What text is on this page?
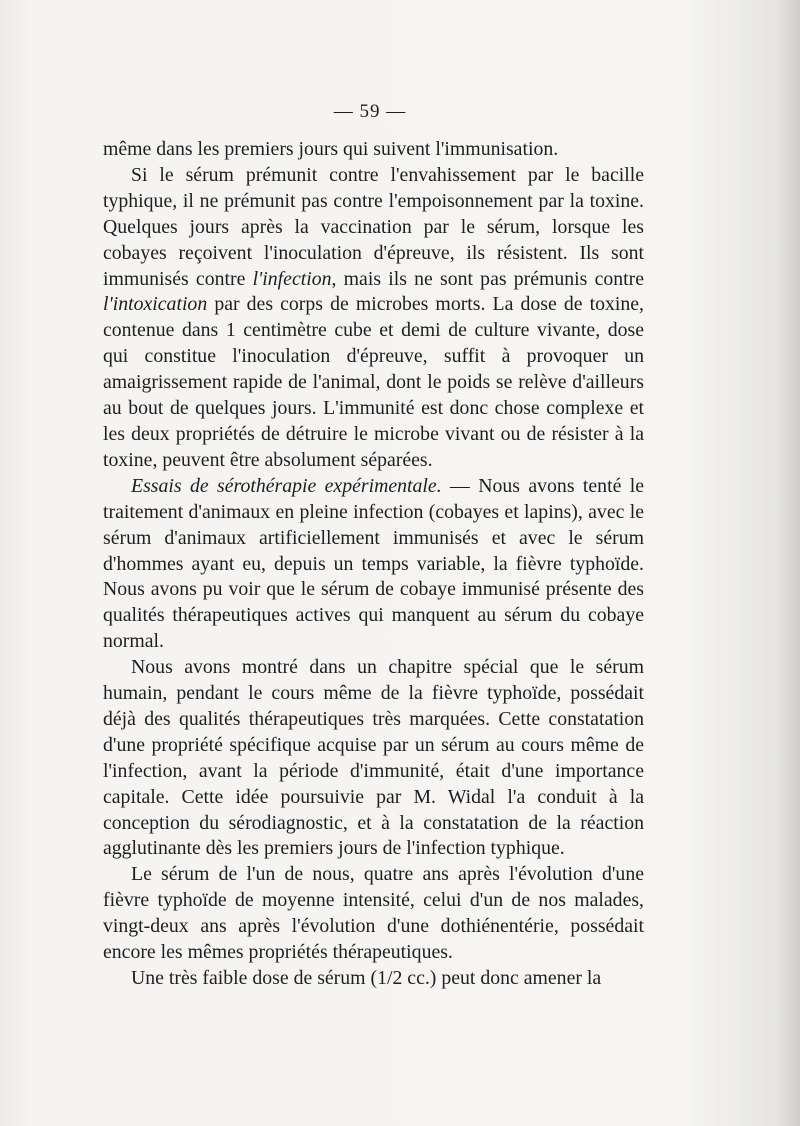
— 59 —

même dans les premiers jours qui suivent l'immunisation.

Si le sérum prémunit contre l'envahissement par le bacille typhique, il ne prémunit pas contre l'empoisonnement par la toxine. Quelques jours après la vaccination par le sérum, lorsque les cobayes reçoivent l'inoculation d'épreuve, ils résistent. Ils sont immunisés contre l'infection, mais ils ne sont pas prémunis contre l'intoxication par des corps de microbes morts. La dose de toxine, contenue dans 1 centimètre cube et demi de culture vivante, dose qui constitue l'inoculation d'épreuve, suffit à provoquer un amaigrissement rapide de l'animal, dont le poids se relève d'ailleurs au bout de quelques jours. L'immunité est donc chose complexe et les deux propriétés de détruire le microbe vivant ou de résister à la toxine, peuvent être absolument séparées.

Essais de sérothérapie expérimentale. — Nous avons tenté le traitement d'animaux en pleine infection (cobayes et lapins), avec le sérum d'animaux artificiellement immunisés et avec le sérum d'hommes ayant eu, depuis un temps variable, la fièvre typhoïde. Nous avons pu voir que le sérum de cobaye immunisé présente des qualités thérapeutiques actives qui manquent au sérum du cobaye normal.

Nous avons montré dans un chapitre spécial que le sérum humain, pendant le cours même de la fièvre typhoïde, possédait déjà des qualités thérapeutiques très marquées. Cette constatation d'une propriété spécifique acquise par un sérum au cours même de l'infection, avant la période d'immunité, était d'une importance capitale. Cette idée poursuivie par M. Widal l'a conduit à la conception du sérodiagnostic, et à la constatation de la réaction agglutinante dès les premiers jours de l'infection typhique.

Le sérum de l'un de nous, quatre ans après l'évolution d'une fièvre typhoïde de moyenne intensité, celui d'un de nos malades, vingt-deux ans après l'évolution d'une dothiénentérie, possédait encore les mêmes propriétés thérapeutiques.

Une très faible dose de sérum (1/2 cc.) peut donc amener la
